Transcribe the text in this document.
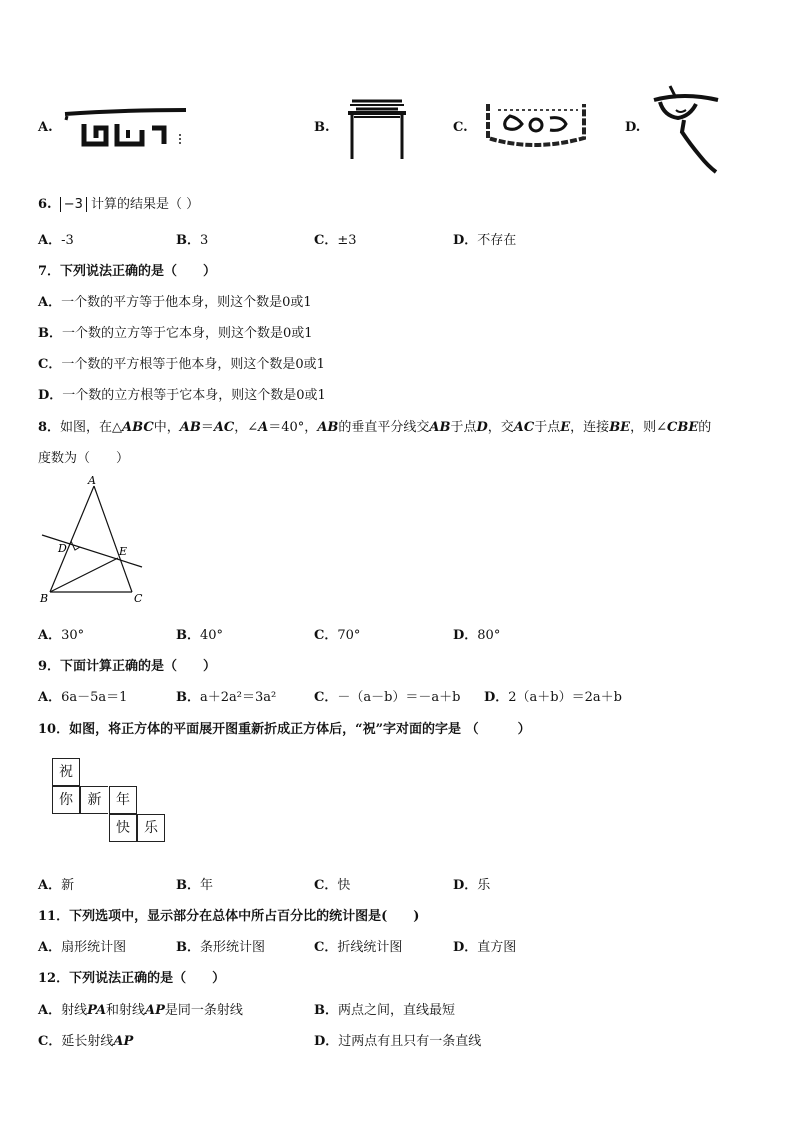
A.	B.	C.	D.
6. −3 计算的结果是（ ）
A．-3	B．3	C．±3	D．不存在
7．下列说法正确的是（　　）
A．一个数的平方等于他本身，则这个数是0或1
B．一个数的立方等于它本身，则这个数是0或1
C．一个数的平方根等于他本身，则这个数是0或1
D．一个数的立方根等于它本身，则这个数是0或1
8．如图，在△ABC中，AB＝AC，∠A＝40°，AB的垂直平分线交AB于点D，交AC于点E，连接BE，则∠CBE的
度数为（　　）
A
B	C
D	E
A．30°	B．40°	C．70°	D．80°
9．下面计算正确的是（　　）
A．6a－5a＝1	B．a＋2a²＝3a²	C．－（a－b）＝－a＋b D．2（a＋b）＝2a＋b
10．如图，将正方体的平面展开图重新折成正方体后，“祝”字对面的字是 （　　　）
祝
你	新	年
快	乐
A．新	B．年	C．快	D．乐
11．下列选项中，显示部分在总体中所占百分比的统计图是(　　)
A．扇形统计图	B．条形统计图	C．折线统计图	D．直方图
12．下列说法正确的是（　　）
A．射线PA和射线AP是同一条射线	B．两点之间，直线最短
C．延长射线AP	D．过两点有且只有一条直线
